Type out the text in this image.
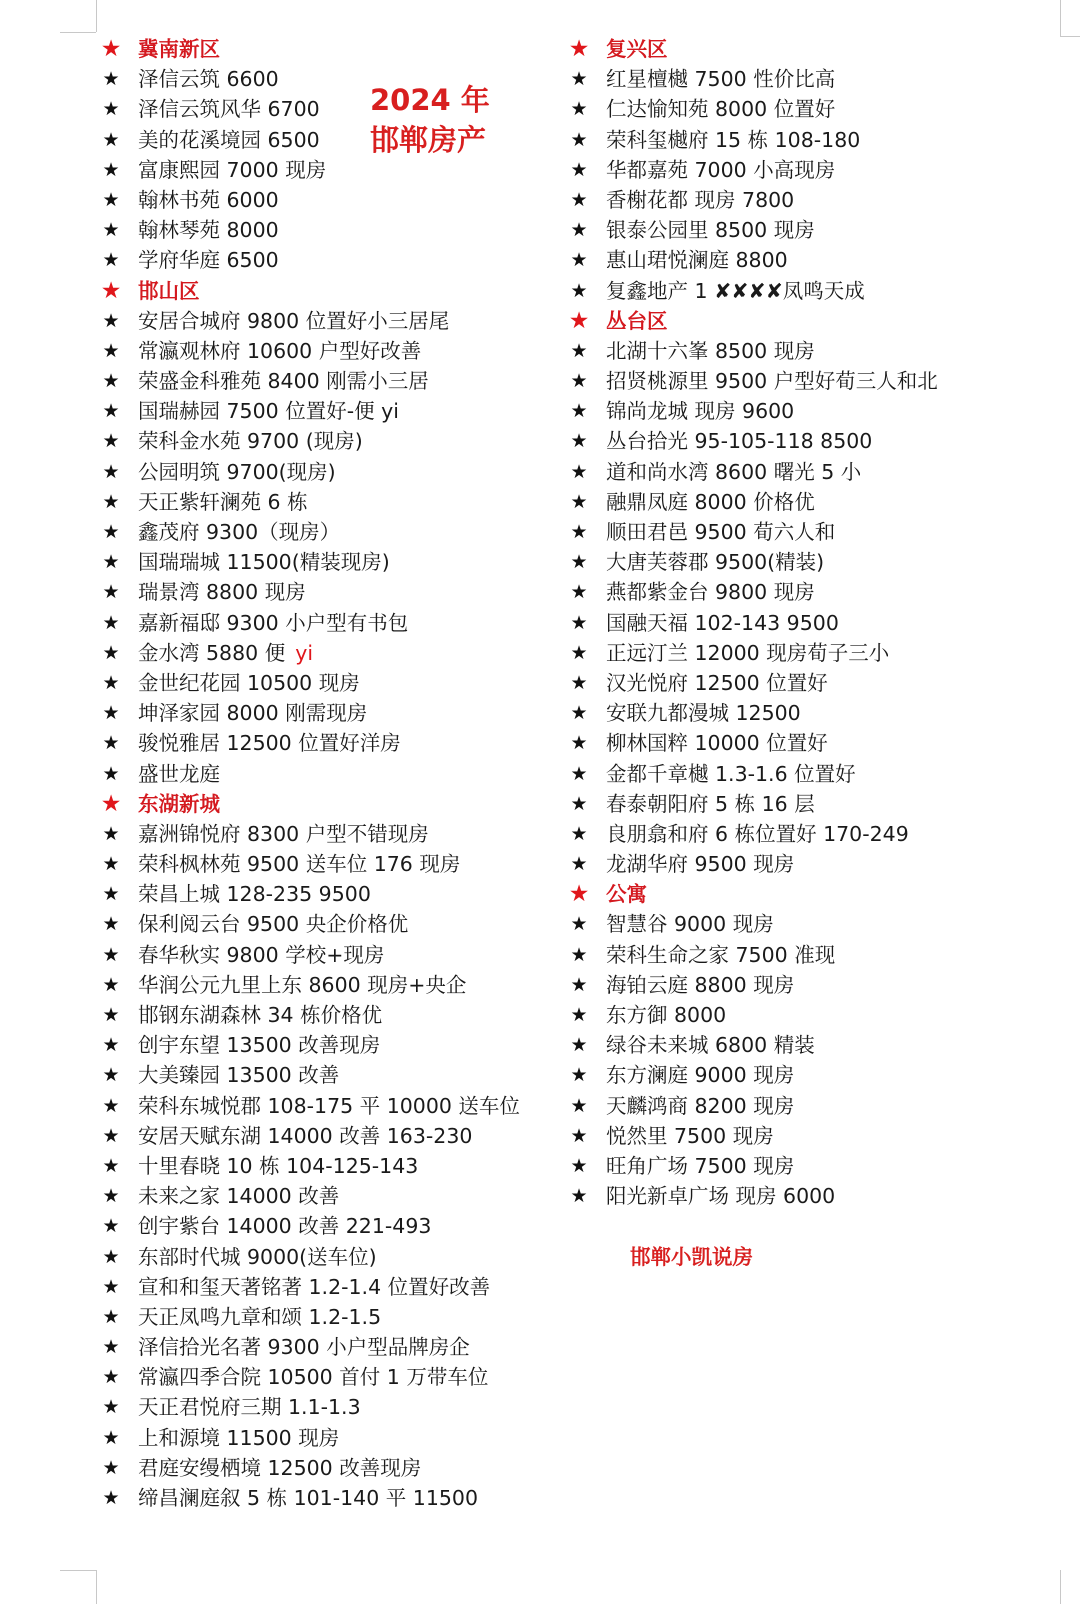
★ 冀南新区
★ 泽信云筑 6600
★ 泽信云筑风华 6700
★ 美的花溪境园 6500
★ 富康熙园 7000 现房
★ 翰林书苑 6000
★ 翰林琴苑 8000
★ 学府华庭 6500
★ 邯山区
★ 安居合城府 9800 位置好小三居尾
★ 常瀛观林府 10600 户型好改善
★ 荣盛金科雅苑 8400 刚需小三居
★ 国瑞赫园 7500 位置好-便 yi
★ 荣科金水苑 9700 (现房)
★ 公园明筑 9700(现房)
★ 天正紫轩澜苑 6 栋
★ 鑫茂府 9300（现房）
★ 国瑞瑞城 11500(精装现房)
★ 瑞景湾 8800 现房
★ 嘉新福邸 9300 小户型有书包
★ 金水湾 5880 便 yi
★ 金世纪花园 10500 现房
★ 坤泽家园 8000 刚需现房
★ 骏悦雅居 12500 位置好洋房
★ 盛世龙庭
★ 东湖新城
★ 嘉洲锦悦府 8300 户型不错现房
★ 荣科枫林苑 9500 送车位 176 现房
★ 荣昌上城 128-235 9500
★ 保利阅云台 9500 央企价格优
★ 春华秋实 9800 学校+现房
★ 华润公元九里上东 8600 现房+央企
★ 邯钢东湖森林 34 栋价格优
★ 创宇东望 13500 改善现房
★ 大美臻园 13500 改善
★ 荣科东城悦郡 108-175 平 10000 送车位
★ 安居天赋东湖 14000 改善 163-230
★ 十里春晓 10 栋 104-125-143
★ 未来之家 14000 改善
★ 创宇紫台 14000 改善 221-493
★ 东部时代城 9000(送车位)
★ 宣和和玺天著铭著 1.2-1.4 位置好改善
★ 天正凤鸣九章和颂 1.2-1.5
★ 泽信拾光名著 9300 小户型品牌房企
★ 常瀛四季合院 10500 首付 1 万带车位
★ 天正君悦府三期 1.1-1.3
★ 上和源境 11500 现房
★ 君庭安缦栖境 12500 改善现房
★ 缔昌澜庭叙 5 栋 101-140 平 11500
★ 复兴区
★ 红星檀樾 7500 性价比高
★ 仁达愉知苑 8000 位置好
★ 荣科玺樾府 15 栋 108-180
★ 华都嘉苑 7000 小高现房
★ 香榭花都 现房 7800
★ 银泰公园里 8500 现房
★ 惠山珺悦澜庭 8800
★ 复鑫地产 1 ✘✘✘✘凤鸣天成
★ 丛台区
★ 北湖十六峯 8500 现房
★ 招贤桃源里 9500 户型好荀三人和北
★ 锦尚龙城 现房 9600
★ 丛台拾光 95-105-118 8500
★ 道和尚水湾 8600 曙光 5 小
★ 融鼎凤庭 8000 价格优
★ 顺田君邑 9500 荀六人和
★ 大唐芙蓉郡 9500(精装)
★ 燕都紫金台 9800 现房
★ 国融天福 102-143 9500
★ 正远汀兰 12000 现房荀子三小
★ 汉光悦府 12500 位置好
★ 安联九都漫城 12500
★ 柳林国粹 10000 位置好
★ 金都千章樾 1.3-1.6 位置好
★ 春泰朝阳府 5 栋 16 层
★ 良朋翕和府 6 栋位置好 170-249
★ 龙湖华府 9500 现房
★ 公寓
★ 智慧谷 9000 现房
★ 荣科生命之家 7500 准现
★ 海铂云庭 8800 现房
★ 东方御 8000
★ 绿谷未来城 6800 精装
★ 东方澜庭 9000 现房
★ 天麟鸿商 8200 现房
★ 悦然里 7500 现房
★ 旺角广场 7500 现房
★ 阳光新卓广场 现房 6000
2024 年
邯郸房产
邯郸小凯说房
